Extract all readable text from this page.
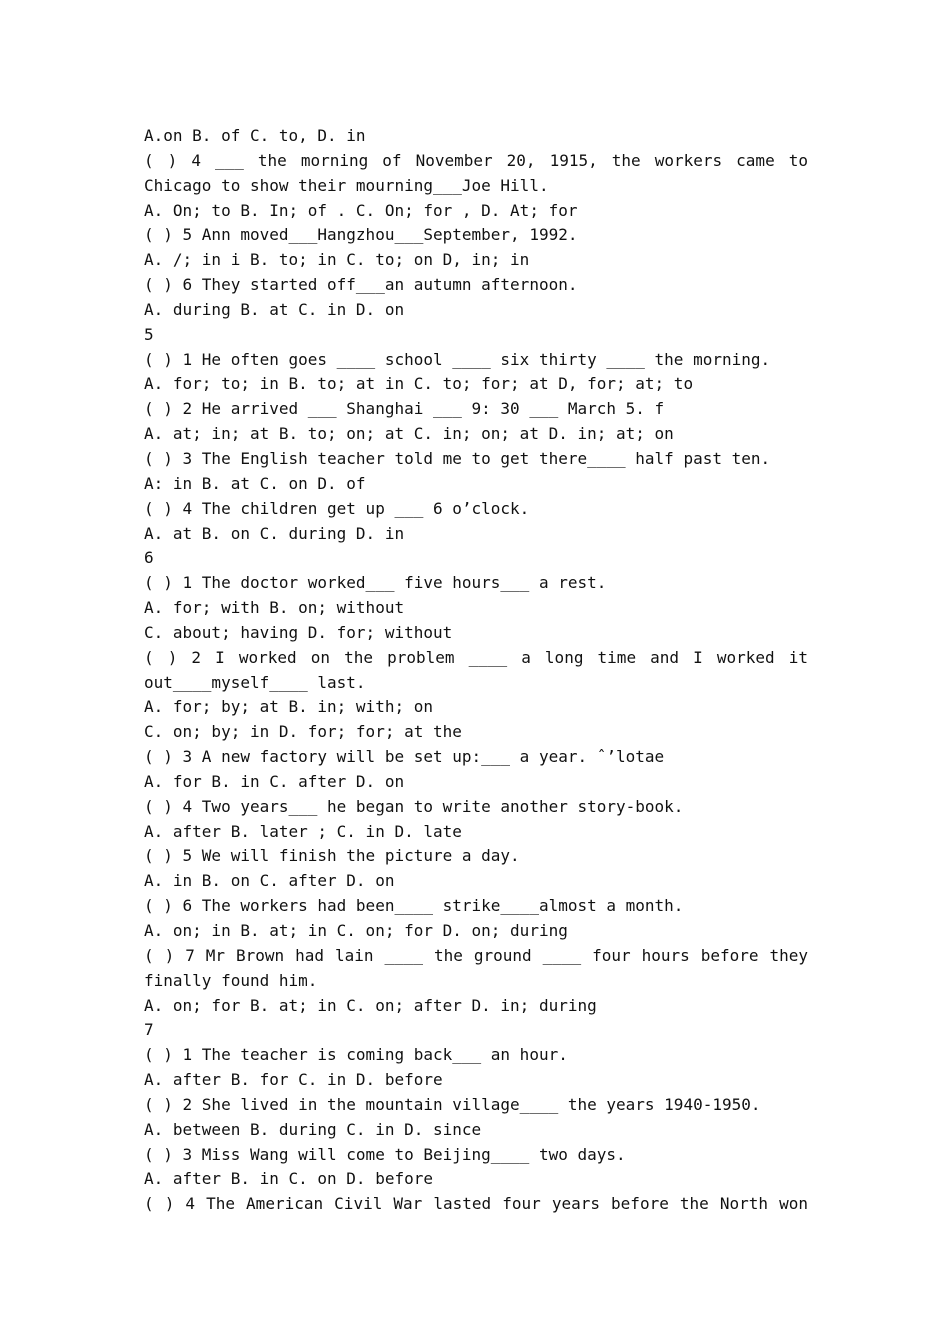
A.on B. of C. to, D. in
( ) 4 ___ the morning of November 20, 1915, the workers came to
Chicago to show their mourning___Joe Hill.
A. On; to B. In; of . C. On; for , D. At; for
( ) 5 Ann moved___Hangzhou___September, 1992.
A. /; in i B. to; in C. to; on D, in; in
( ) 6 They started off___an autumn afternoon.
A. during B. at C. in D. on
5
( ) 1 He often goes ____ school ____ six thirty ____ the morning.
A. for; to; in B. to; at in C. to; for; at D, for; at; to
( ) 2 He arrived ___ Shanghai ___ 9: 30 ___ March 5. f
A. at; in; at B. to; on; at C. in; on; at D. in; at; on
( ) 3 The English teacher told me to get there____ half past ten.
A: in B. at C. on D. of
( ) 4 The children get up ___ 6 o’clock.
A. at B. on C. during D. in
6
( ) 1 The doctor worked___ five hours___ a rest.
A. for; with B. on; without
C. about; having D. for; without
( ) 2 I worked on the problem ____ a long time and I worked it
out____myself____ last.
A. for; by; at B. in; with; on
C. on; by; in D. for; for; at the
( ) 3 A new factory will be set up:___ a year. ˆ’lotae
A. for B. in C. after D. on
( ) 4 Two years___ he began to write another story-book.
A. after B. later ; C. in D. late
( ) 5 We will finish the picture a day.
A. in B. on C. after D. on
( ) 6 The workers had been____ strike____almost a month.
A. on; in B. at; in C. on; for D. on; during
( ) 7 Mr Brown had lain ____ the ground ____ four hours before they
finally found him.
A. on; for B. at; in C. on; after D. in; during
7
( ) 1 The teacher is coming back___ an hour.
A. after B. for C. in D. before
( ) 2 She lived in the mountain village____ the years 1940-1950.
A. between B. during C. in D. since
( ) 3 Miss Wang will come to Beijing____ two days.
A. after B. in C. on D. before
( ) 4 The American Civil War lasted four years before the North won
